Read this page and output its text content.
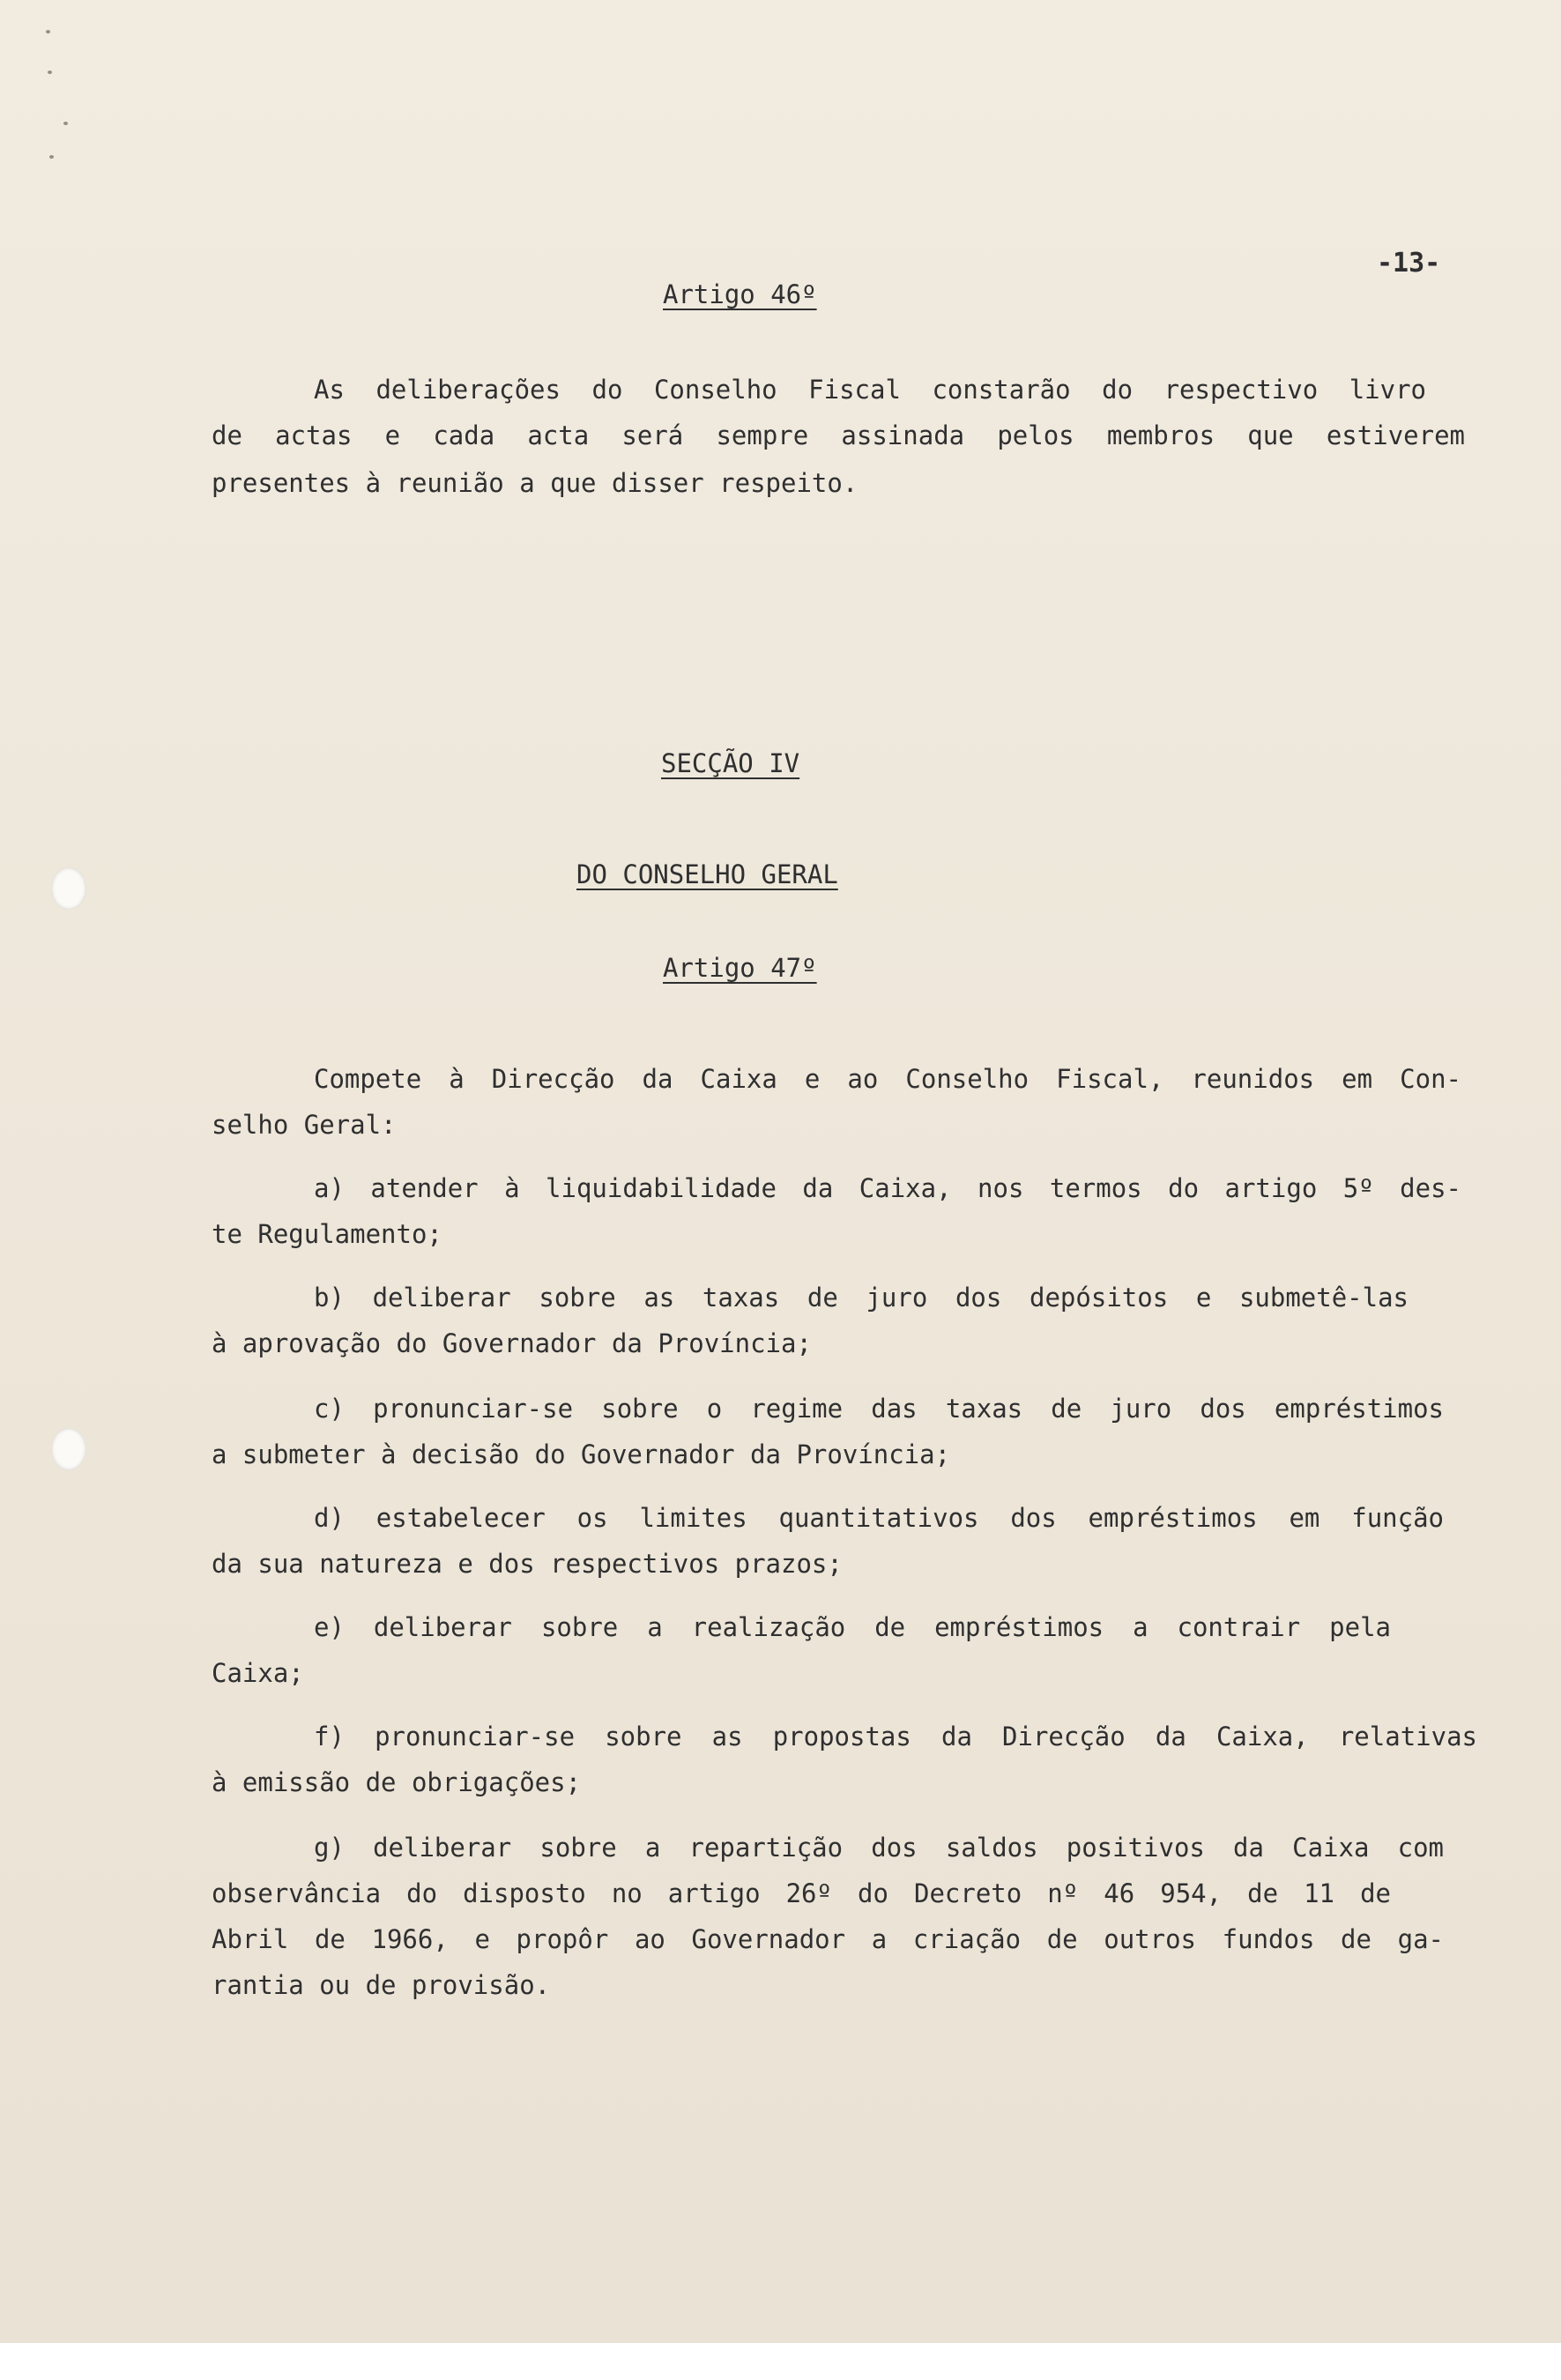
-13-
Artigo 46º
As deliberações do Conselho Fiscal constarão do respectivo livro
de actas e cada acta será sempre assinada pelos membros que estiverem
presentes à reunião a que disser respeito.
SECÇÃO IV
DO CONSELHO GERAL
Artigo 47º
Compete à Direcção da Caixa e ao Conselho Fiscal, reunidos em Con-
selho Geral:
a) atender à liquidabilidade da Caixa, nos termos do artigo 5º des-
te Regulamento;
b) deliberar sobre as taxas de juro dos depósitos e submetê-las
à aprovação do Governador da Província;
c) pronunciar-se sobre o regime das taxas de juro dos empréstimos
a submeter à decisão do Governador da Província;
d) estabelecer os limites quantitativos dos empréstimos em função
da sua natureza e dos respectivos prazos;
e) deliberar sobre a realização de empréstimos a contrair pela
Caixa;
f) pronunciar-se sobre as propostas da Direcção da Caixa, relativas
à emissão de obrigações;
g) deliberar sobre a repartição dos saldos positivos da Caixa com
observância do disposto no artigo 26º do Decreto nº 46 954, de 11 de
Abril de 1966, e propôr ao Governador a criação de outros fundos de ga-
rantia ou de provisão.
